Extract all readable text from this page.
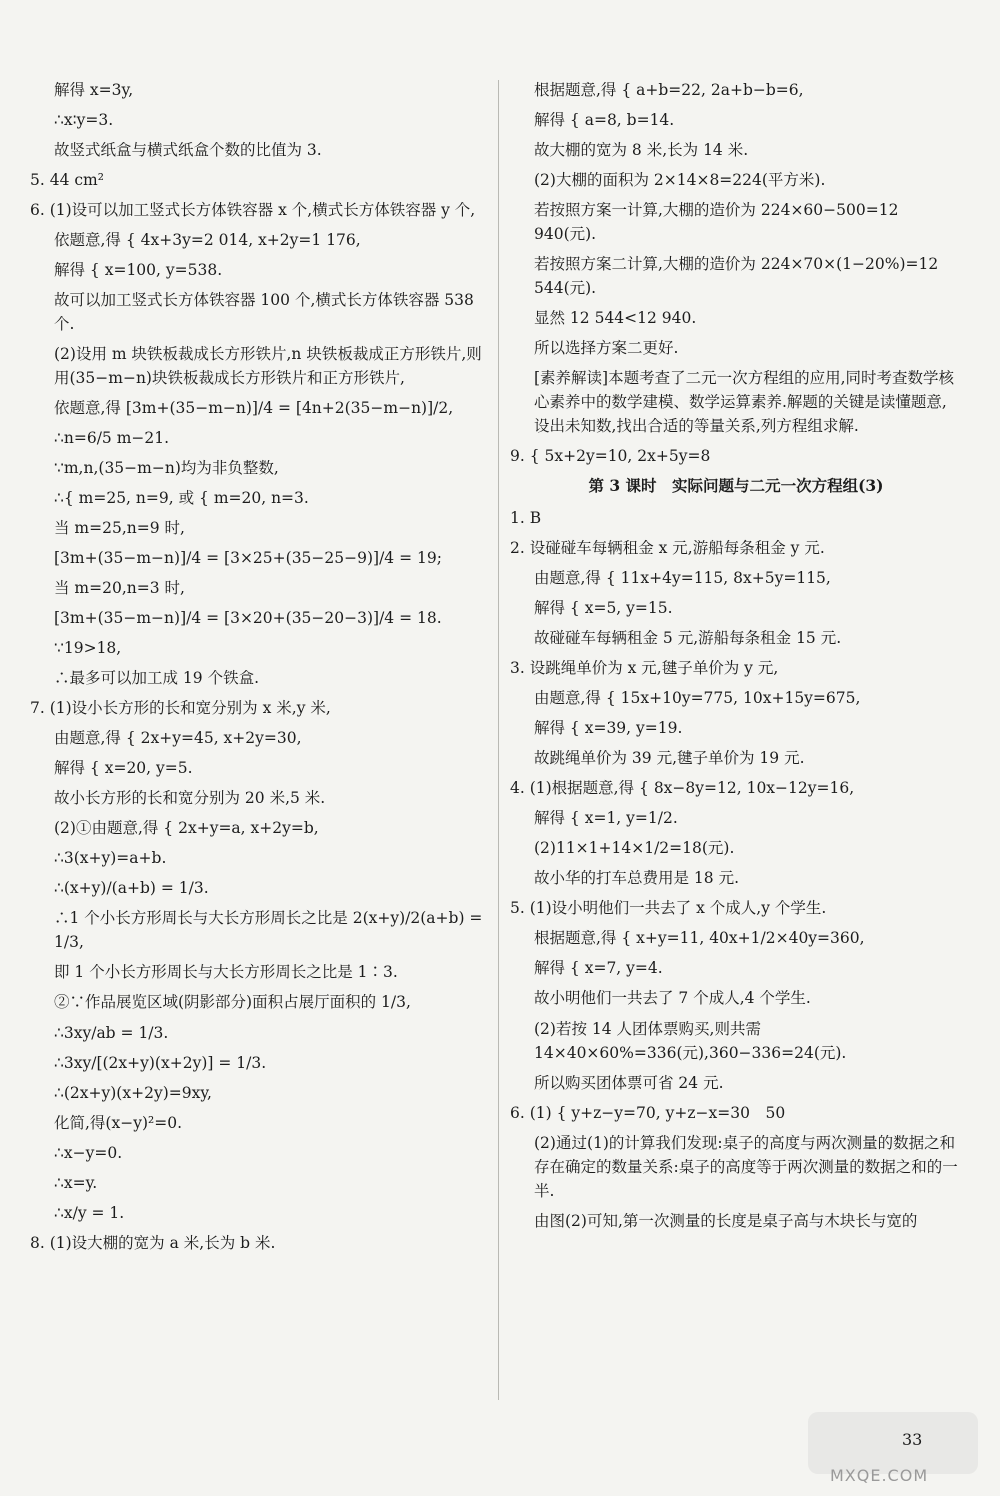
解得 x=3y,
∴x∶y=3.
故竖式纸盒与横式纸盒个数的比值为 3.
5. 44 cm²
6. (1)设可以加工竖式长方体铁容器 x 个,横式长方体铁容器 y 个,
依题意,得 { 4x+3y=2 014, x+2y=1 176,
解得 { x=100, y=538.
故可以加工竖式长方体铁容器 100 个,横式长方体铁容器 538 个.
(2)设用 m 块铁板裁成长方形铁片,n 块铁板裁成正方形铁片,则用(35−m−n)块铁板裁成长方形铁片和正方形铁片,
依题意,得 [3m+(35−m−n)]/4 = [4n+2(35−m−n)]/2,
∴n=6/5 m−21.
∵m,n,(35−m−n)均为非负整数,
∴{ m=25, n=9, 或 { m=20, n=3.
当 m=25,n=9 时,
[3m+(35−m−n)]/4 = [3×25+(35−25−9)]/4 = 19;
当 m=20,n=3 时,
[3m+(35−m−n)]/4 = [3×20+(35−20−3)]/4 = 18.
∵19>18,
∴最多可以加工成 19 个铁盒.
7. (1)设小长方形的长和宽分别为 x 米,y 米,
由题意,得 { 2x+y=45, x+2y=30,
解得 { x=20, y=5.
故小长方形的长和宽分别为 20 米,5 米.
(2)①由题意,得 { 2x+y=a, x+2y=b,
∴3(x+y)=a+b.
∴(x+y)/(a+b) = 1/3.
∴1 个小长方形周长与大长方形周长之比是 2(x+y)/2(a+b) = 1/3,
即 1 个小长方形周长与大长方形周长之比是 1∶3.
②∵作品展览区域(阴影部分)面积占展厅面积的 1/3,
∴3xy/ab = 1/3.
∴3xy/[(2x+y)(x+2y)] = 1/3.
∴(2x+y)(x+2y)=9xy,
化简,得(x−y)²=0.
∴x−y=0.
∴x=y.
∴x/y = 1.
8. (1)设大棚的宽为 a 米,长为 b 米.
根据题意,得 { a+b=22, 2a+b−b=6,
解得 { a=8, b=14.
故大棚的宽为 8 米,长为 14 米.
(2)大棚的面积为 2×14×8=224(平方米).
若按照方案一计算,大棚的造价为 224×60−500=12 940(元).
若按照方案二计算,大棚的造价为 224×70×(1−20%)=12 544(元).
显然 12 544<12 940.
所以选择方案二更好.
[素养解读]本题考查了二元一次方程组的应用,同时考查数学核心素养中的数学建模、数学运算素养.解题的关键是读懂题意,设出未知数,找出合适的等量关系,列方程组求解.
9. { 5x+2y=10, 2x+5y=8
第 3 课时　实际问题与二元一次方程组(3)
1. B
2. 设碰碰车每辆租金 x 元,游船每条租金 y 元.
由题意,得 { 11x+4y=115, 8x+5y=115,
解得 { x=5, y=15.
故碰碰车每辆租金 5 元,游船每条租金 15 元.
3. 设跳绳单价为 x 元,毽子单价为 y 元,
由题意,得 { 15x+10y=775, 10x+15y=675,
解得 { x=39, y=19.
故跳绳单价为 39 元,毽子单价为 19 元.
4. (1)根据题意,得 { 8x−8y=12, 10x−12y=16,
解得 { x=1, y=1/2.
(2)11×1+14×1/2=18(元).
故小华的打车总费用是 18 元.
5. (1)设小明他们一共去了 x 个成人,y 个学生.
根据题意,得 { x+y=11, 40x+1/2×40y=360,
解得 { x=7, y=4.
故小明他们一共去了 7 个成人,4 个学生.
(2)若按 14 人团体票购买,则共需 14×40×60%=336(元),360−336=24(元).
所以购买团体票可省 24 元.
6. (1) { y+z−y=70, y+z−x=30　50
(2)通过(1)的计算我们发现:桌子的高度与两次测量的数据之和存在确定的数量关系:桌子的高度等于两次测量的数据之和的一半.
由图(2)可知,第一次测量的长度是桌子高与木块长与宽的
33
MXQE.COM
